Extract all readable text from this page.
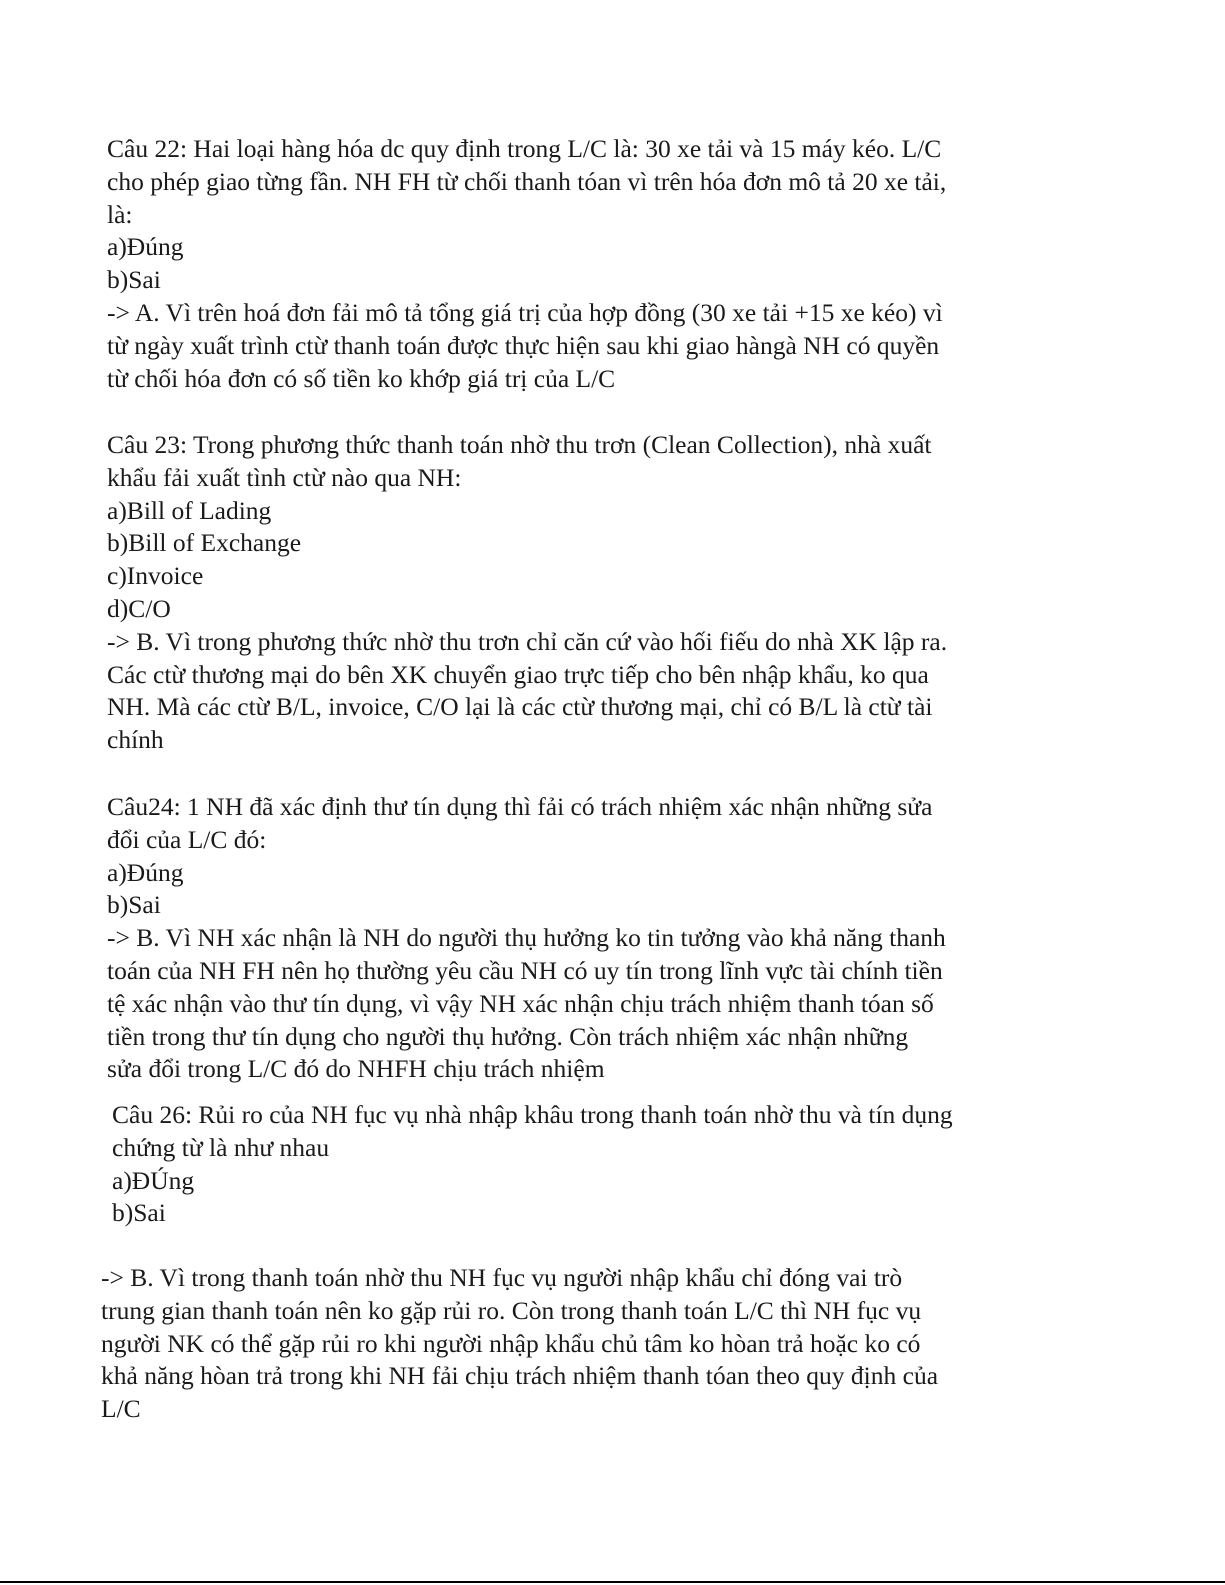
Câu 22: Hai loại hàng hóa dc quy định trong L/C là: 30 xe tải và 15 máy kéo. L/C
cho phép giao từng fần. NH FH từ chối thanh tóan vì trên hóa đơn mô tả 20 xe tải,
là:
a)Đúng
b)Sai
-> A. Vì trên hoá đơn fải mô tả tổng giá trị của hợp đồng (30 xe tải +15 xe kéo) vì
từ ngày xuất trình ctừ thanh toán được thực hiện sau khi giao hàngà NH có quyền
từ chối hóa đơn có số tiền ko khớp giá trị của L/C
Câu 23: Trong phương thức thanh toán nhờ thu trơn (Clean Collection), nhà xuất
khẩu fải xuất tình ctừ nào qua NH:
a)Bill of Lading
b)Bill of Exchange
c)Invoice
d)C/O
-> B. Vì trong phương thức nhờ thu trơn chỉ căn cứ vào hối fiếu do nhà XK lập ra.
Các ctừ thương mại do bên XK chuyển giao trực tiếp cho bên nhập khẩu, ko qua
NH. Mà các ctừ B/L, invoice, C/O lại là các ctừ thương mại, chỉ có B/L là ctừ tài
chính
Câu24: 1 NH đã xác định thư tín dụng thì fải có trách nhiệm xác nhận những sửa
đổi của L/C đó:
a)Đúng
b)Sai
-> B. Vì NH xác nhận là NH do người thụ hưởng ko tin tưởng vào khả năng thanh
toán của NH FH nên họ thường yêu cầu NH có uy tín trong lĩnh vực tài chính tiền
tệ xác nhận vào thư tín dụng, vì vậy NH xác nhận chịu trách nhiệm thanh tóan số
tiền trong thư tín dụng cho người thụ hưởng. Còn trách nhiệm xác nhận những
sửa đổi trong L/C đó do NHFH chịu trách nhiệm
Câu 26: Rủi ro của NH fục vụ nhà nhập khâu trong thanh toán nhờ thu và tín dụng
chứng từ là như nhau
a)ĐÚng
b)Sai
-> B. Vì trong thanh toán nhờ thu NH fục vụ người nhập khẩu chỉ đóng vai trò
trung gian thanh toán nên ko gặp rủi ro. Còn trong thanh toán L/C thì NH fục vụ
người NK có thể gặp rủi ro khi người nhập khẩu chủ tâm ko hòan trả hoặc ko có
khả năng hòan trả trong khi NH fải chịu trách nhiệm thanh tóan theo quy định của
L/C
